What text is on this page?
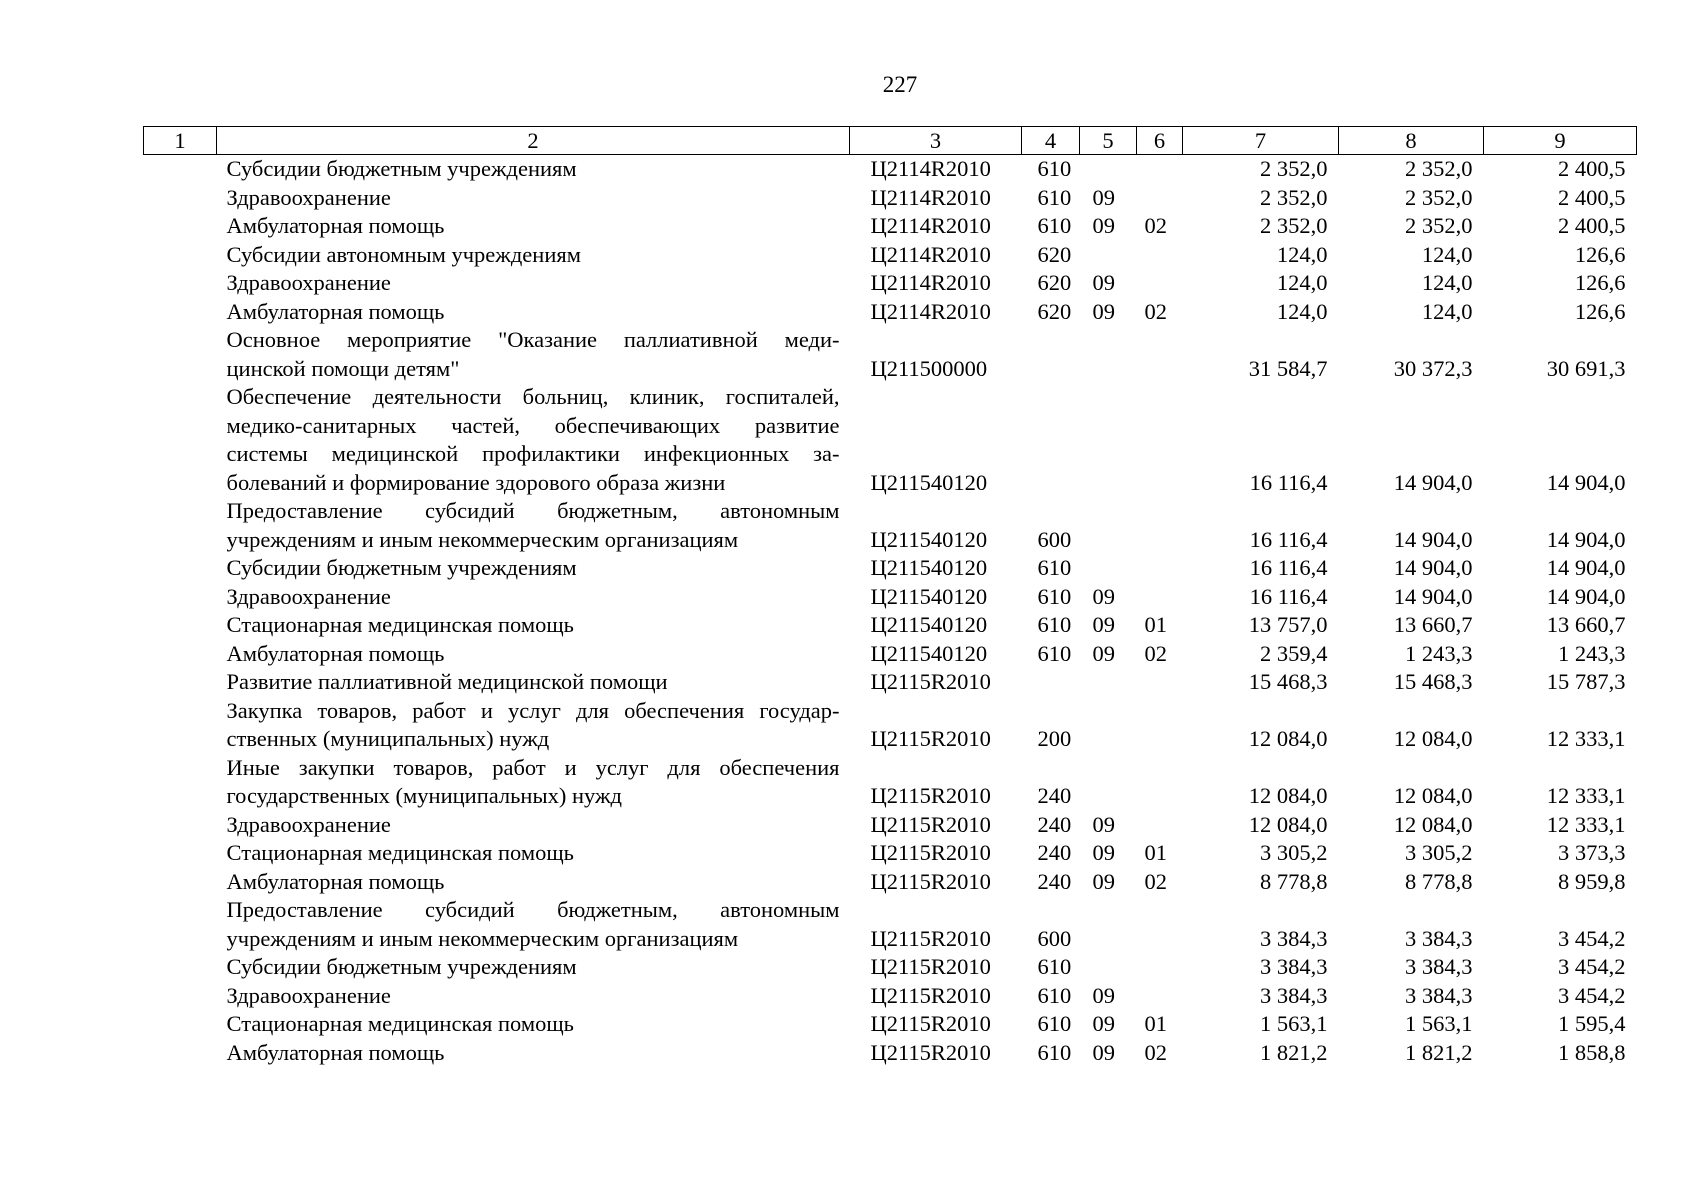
227
1	2	3	4	5	6	7	8	9

	Субсидии бюджетным учреждениям	Ц2114R2010	610			2 352,0	2 352,0	2 400,5

	Здравоохранение	Ц2114R2010	610	09		2 352,0	2 352,0	2 400,5

	Амбулаторная помощь	Ц2114R2010	610	09	02	2 352,0	2 352,0	2 400,5

	Субсидии автономным учреждениям	Ц2114R2010	620			124,0	124,0	126,6

	Здравоохранение	Ц2114R2010	620	09		124,0	124,0	126,6

	Амбулаторная помощь	Ц2114R2010	620	09	02	124,0	124,0	126,6

	Основное мероприятие "Оказание паллиативной меди-
цинской помощи детям"	Ц211500000				31 584,7	30 372,3	30 691,3

	Обеспечение деятельности больниц, клиник, госпиталей,
медико-санитарных частей, обеспечивающих развитие
системы медицинской профилактики инфекционных за-
болеваний и формирование здорового образа жизни	Ц211540120				16 116,4	14 904,0	14 904,0

	Предоставление субсидий бюджетным, автономным
учреждениям и иным некоммерческим организациям	Ц211540120	600			16 116,4	14 904,0	14 904,0

	Субсидии бюджетным учреждениям	Ц211540120	610			16 116,4	14 904,0	14 904,0

	Здравоохранение	Ц211540120	610	09		16 116,4	14 904,0	14 904,0

	Стационарная медицинская помощь	Ц211540120	610	09	01	13 757,0	13 660,7	13 660,7

	Амбулаторная помощь	Ц211540120	610	09	02	2 359,4	1 243,3	1 243,3

	Развитие паллиативной медицинской помощи	Ц2115R2010				15 468,3	15 468,3	15 787,3

	Закупка товаров, работ и услуг для обеспечения государ-
ственных (муниципальных) нужд	Ц2115R2010	200			12 084,0	12 084,0	12 333,1

	Иные закупки товаров, работ и услуг для обеспечения
государственных (муниципальных) нужд	Ц2115R2010	240			12 084,0	12 084,0	12 333,1

	Здравоохранение	Ц2115R2010	240	09		12 084,0	12 084,0	12 333,1

	Стационарная медицинская помощь	Ц2115R2010	240	09	01	3 305,2	3 305,2	3 373,3

	Амбулаторная помощь	Ц2115R2010	240	09	02	8 778,8	8 778,8	8 959,8

	Предоставление субсидий бюджетным, автономным
учреждениям и иным некоммерческим организациям	Ц2115R2010	600			3 384,3	3 384,3	3 454,2

	Субсидии бюджетным учреждениям	Ц2115R2010	610			3 384,3	3 384,3	3 454,2

	Здравоохранение	Ц2115R2010	610	09		3 384,3	3 384,3	3 454,2

	Стационарная медицинская помощь	Ц2115R2010	610	09	01	1 563,1	1 563,1	1 595,4

	Амбулаторная помощь	Ц2115R2010	610	09	02	1 821,2	1 821,2	1 858,8
